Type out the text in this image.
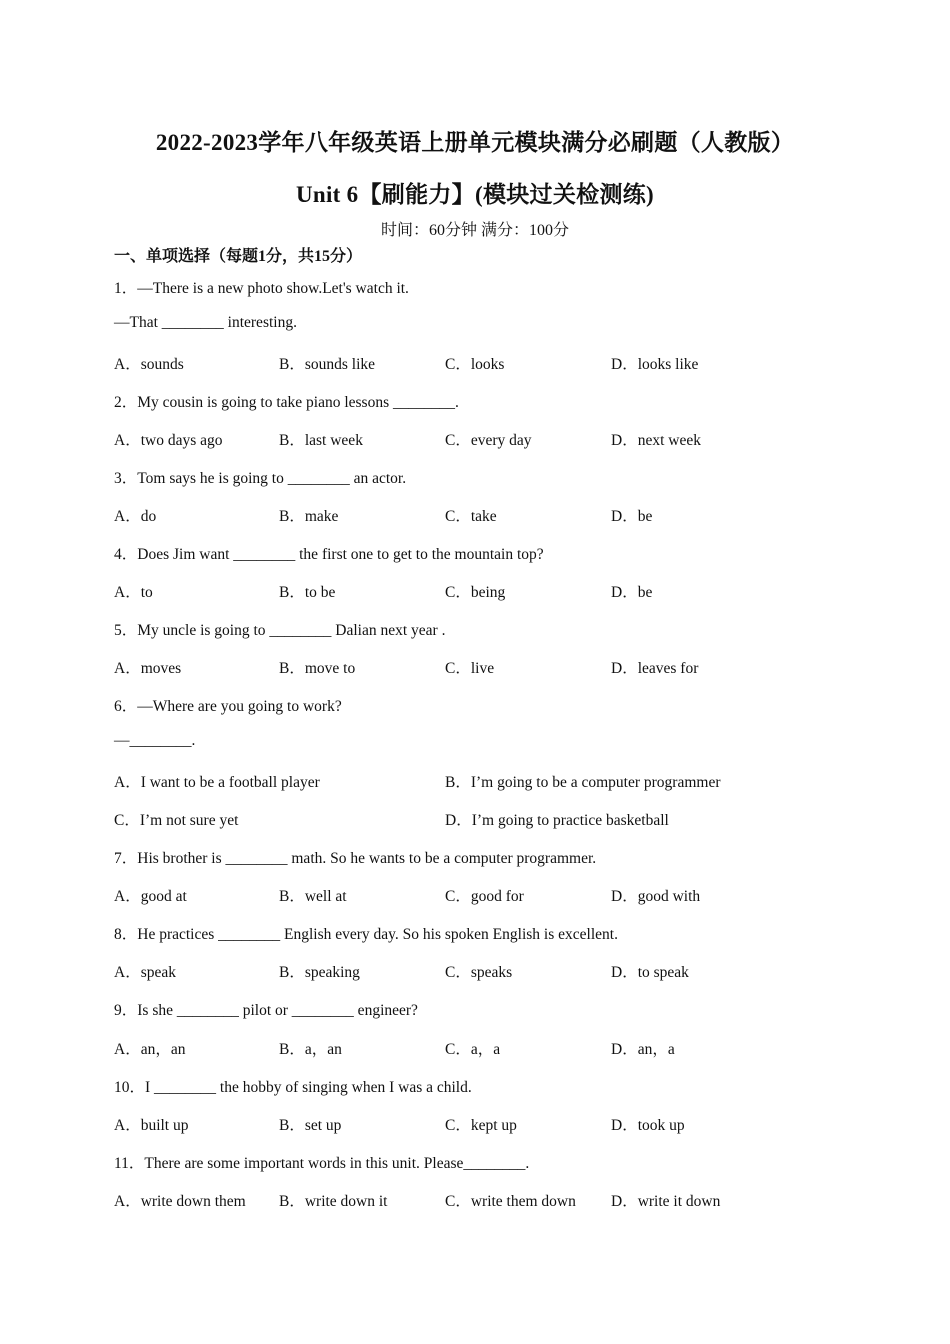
2022-2023学年八年级英语上册单元模块满分必刷题（人教版）
Unit 6【刷能力】(模块过关检测练)
时间：60分钟 满分：100分
一、单项选择（每题1分，共15分）
1．—There is a new photo show.Let's watch it.
—That ________ interesting.
A．sounds	B．sounds like	C．looks	D．looks like
2．My cousin is going to take piano lessons ________.
A．two days ago	B．last week	C．every day	D．next week
3．Tom says he is going to ________ an actor.
A．do	B．make	C．take	D．be
4．Does Jim want ________ the first one to get to the mountain top?
A．to	B．to be	C．being	D．be
5．My uncle is going to ________ Dalian next year .
A．moves	B．move to	C．live	D．leaves for
6．—Where are you going to work?
—________.
A．I want to be a football player	B．I’m going to be a computer programmer
C．I’m not sure yet	D．I’m going to practice basketball
7．His brother is ________ math. So he wants to be a computer programmer.
A．good at	B．well at	C．good for	D．good with
8．He practices ________ English every day. So his spoken English is excellent.
A．speak	B．speaking	C．speaks	D．to speak
9．Is she ________ pilot or ________ engineer?
A．an，an	B．a，an	C．a，a	D．an，a
10．I ________ the hobby of singing when I was a child.
A．built up	B．set up	C．kept up	D．took up
11．There are some important words in this unit. Please________.
A．write down them B．write down it	C．write them down D．write it down
